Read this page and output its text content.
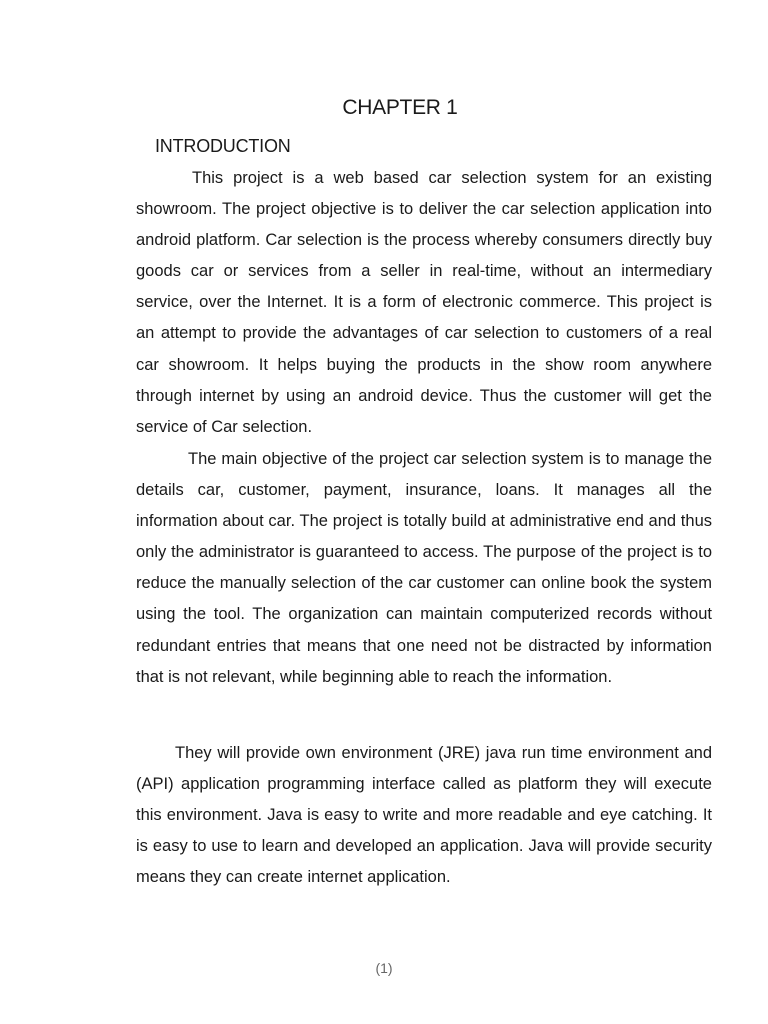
CHAPTER 1
INTRODUCTION

This project is a web based car selection system for an existing showroom. The project objective is to deliver the car selection application into android platform. Car selection is the process whereby consumers directly buy goods car or services from a seller in real-time, without an intermediary service, over the Internet. It is a form of electronic commerce. This project is an attempt to provide the advantages of car selection to customers of a real car showroom. It helps buying the products in the show room anywhere through internet by using an android device. Thus the customer will get the service of Car selection.

The main objective of the project car selection system is to manage the details car, customer, payment, insurance, loans. It manages all the information about car. The project is totally build at administrative end and thus only the administrator is guaranteed to access. The purpose of the project is to reduce the manually selection of the car customer can online book the system using the tool. The organization can maintain computerized records without redundant entries that means that one need not be distracted by information that is not relevant, while beginning able to reach the information.

They will provide own environment (JRE) java run time environment and (API) application programming interface called as platform they will execute this environment. Java is easy to write and more readable and eye catching. It is easy to use to learn and developed an application. Java will provide security means they can create internet application.

(1)
